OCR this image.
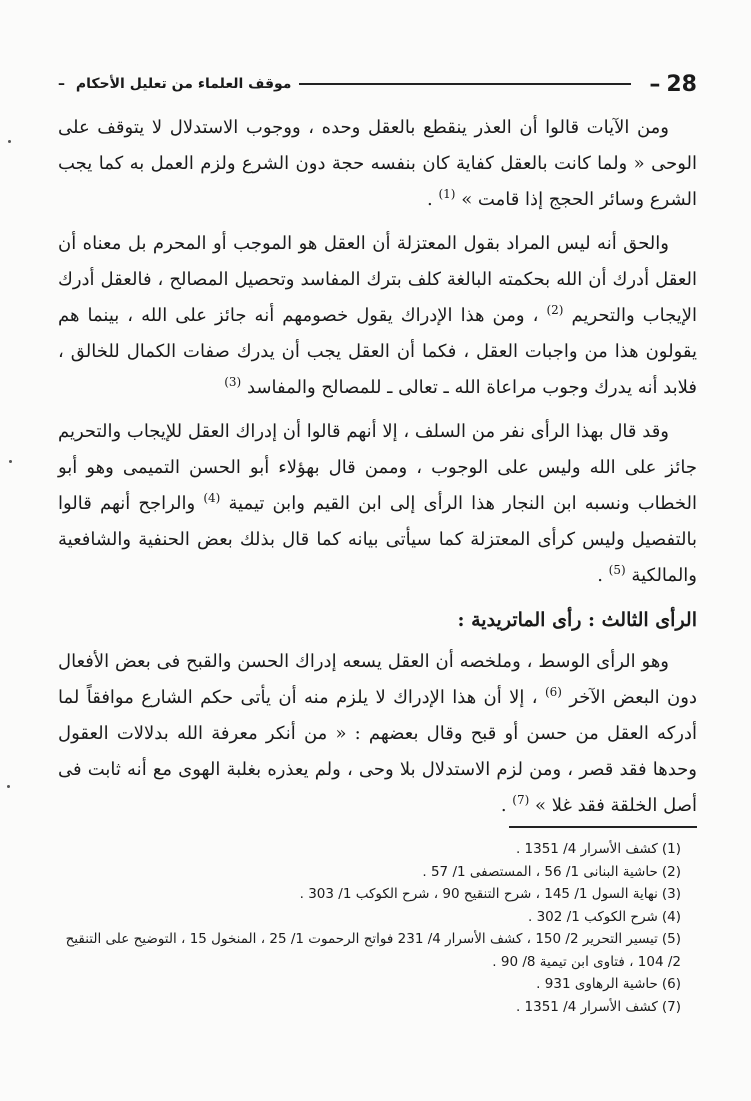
28
–
موقف العلماء من تعليل الأحكام –

ومن الآيات قالوا أن العذر ينقطع بالعقل وحده ، ووجوب الاستدلال لا يتوقف على الوحى « ولما كانت بالعقل كفاية كان بنفسه حجة دون الشرع ولزم العمل به كما يجب الشرع وسائر الحجج إذا قامت » $^{(1)}$ .

والحق أنه ليس المراد بقول المعتزلة أن العقل هو الموجب أو المحرم بل معناه أن العقل أدرك أن الله بحكمته البالغة كلف بترك المفاسد وتحصيل المصالح ، فالعقل أدرك الإيجاب والتحريم $^{(2)}$ ، ومن هذا الإدراك يقول خصومهم أنه جائز على الله ، بينما هم يقولون هذا من واجبات العقل ، فكما أن العقل يجب أن يدرك صفات الكمال للخالق ، فلابد أنه يدرك وجوب مراعاة الله ـ تعالى ـ للمصالح والمفاسد $^{(3)}$

وقد قال بهذا الرأى نفر من السلف ، إلا أنهم قالوا أن إدراك العقل للإيجاب والتحريم جائز على الله وليس على الوجوب ، وممن قال بهؤلاء أبو الحسن التميمى وهو أبو الخطاب ونسبه ابن النجار هذا الرأى إلى ابن القيم وابن تيمية $^{(4)}$ والراجح أنهم قالوا بالتفصيل وليس كرأى المعتزلة كما سيأتى بيانه كما قال بذلك بعض الحنفية والشافعية والمالكية $^{(5)}$ .

الرأى الثالث : رأى الماتريدية :

وهو الرأى الوسط ، وملخصه أن العقل يسعه إدراك الحسن والقبح فى بعض الأفعال دون البعض الآخر $^{(6)}$ ، إلا أن هذا الإدراك لا يلزم منه أن يأتى حكم الشارع موافقاً لما أدركه العقل من حسن أو قبح وقال بعضهم : « من أنكر معرفة الله بدلالات العقول وحدها فقد قصر ، ومن لزم الاستدلال بلا وحى ، ولم يعذره بغلبة الهوى مع أنه ثابت فى أصل الخلقة فقد غلا » $^{(7)}$ .

(1)كشف الأسرار 4/ 1351 .
(2)حاشية البنانى 1/ 56 ، المستصفى 1/ 57 .
(3)نهاية السول 1/ 145 ، شرح التنقيح 90 ، شرح الكوكب 1/ 303 .
(4)شرح الكوكب 1/ 302 .
(5)تيسير التحرير 2/ 150 ، كشف الأسرار 4/ 231 فواتح الرحموت 1/ 25 ، المنخول 15 ، التوضيح على التنقيح 2/ 104 ، فتاوى ابن تيمية 8/ 90 .
(6)حاشية الرهاوى 931 .
(7)كشف الأسرار 4/ 1351 .
